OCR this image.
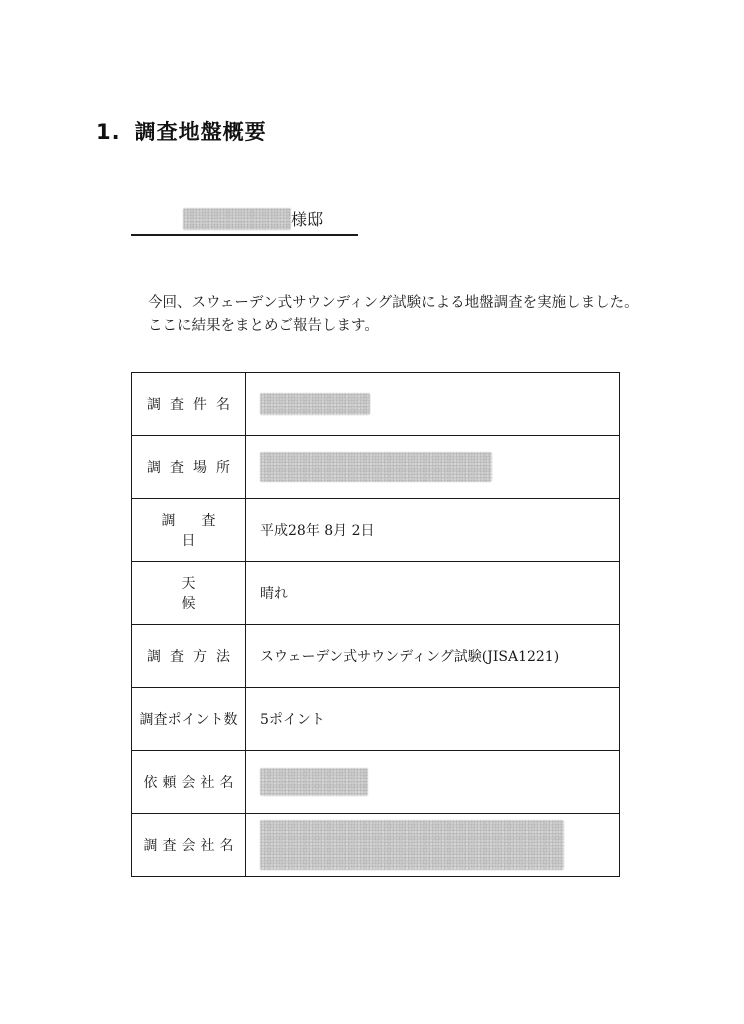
1. 調査地盤概要
様邸

今回、スウェーデン式サウンディング試験による地盤調査を実施しました。

ここに結果をまとめご報告します。

調査件名	
調査場所	
調査日	平成28年 8月 2日
天候	晴れ
調査方法	スウェーデン式サウンディング試験(JISA1221)
調査ポイント数	5ポイント
依頼会社名	
調査会社名	
